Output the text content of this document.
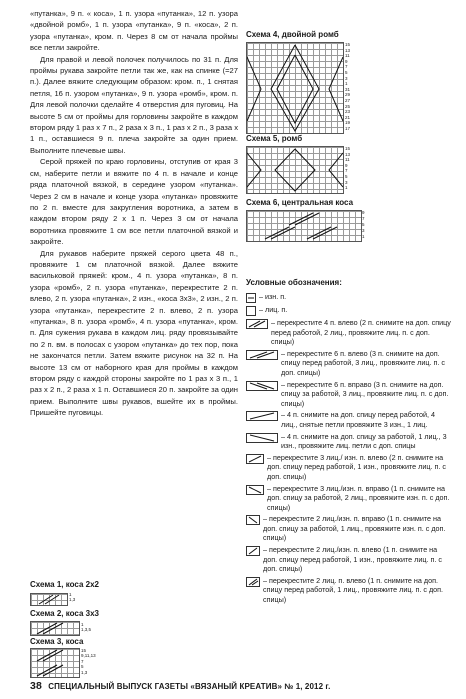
«путанка», 9 п. « коса», 1 п. узора «путанка», 12 п. узора «двойной ромб», 1 п. узора «путанка», 9 п. «коса», 2 п. узора «путанка», кром. п. Через 8 см от начала проймы все петли закройте.

Для правой и левой полочек получилось по 31 п. Для проймы рукава закройте петли так же, как на спинке (=27 п.). Далее вяжите следующим образом: кром. п., 1 снятая петля, 16 п. узором «путанка», 9 п. узора «ромб», кром. п. Для левой полочки сделайте 4 отверстия для пуговиц. На высоте 5 см от проймы для горловины закройте в каждом втором ряду 1 раз х 7 п., 2 раза х 3 п., 1 раз х 2 п., 3 раза х 1 п., оставшиеся 9 п. плеча закройте за один прием. Выполните плечевые швы.

Серой пряжей по краю горловины, отступив от края 3 см, наберите петли и вяжите по 4 п. в начале и конце ряда платочной вязкой, в середине узором «путанка». Через 2 см в начале и конце узора «путанка» провяжите по 2 п. вместе для закругления воротника, а затем в каждом втором ряду 2 х 1 п. Через 3 см от начала воротника провяжите 1 см все петли платочной вязкой и закройте.

Для рукавов наберите пряжей серого цвета 48 п., провяжите 1 см платочной вязкой. Далее вяжите васильковой пряжей: кром., 4 п. узора «путанка», 8 п. узора «ромб», 2 п. узора «путанка», перекрестите 2 п. влево, 2 п. узора «путанка», 2 изн., «коса 3х3», 2 изн., 2 п. узора «путанка», перекрестите 2 п. влево, 2 п. узора «путанка», 8 п. узора «ромб», 4 п. узора «путанка», кром. п. Для сужения рукава в каждом лиц. ряду провязывайте по 2 п. вм. в полосах с узором «путанка» до тех пор, пока не закончатся петли. Затем вяжите рисунок на 32 п. На высоте 13 см от наборного края для проймы в каждом втором ряду с каждой стороны закройте по 1 раз х 3 п., 1 раз х 2 п., 2 раза х 1 п. Оставшиеся 20 п. закройте за один прием. Выполните швы рукавов, вшейте их в проймы. Пришейте пуговицы.

Схема 1, коса 2х2

1
1,3

Схема 2, коса 3х3

1
1,3,5

Схема 3, коса

15
9,11,13
7
5
1,3

Схема 4, двойной ромб

15
13
11
9
7
5
3
1
31
29
27
25
23
21
19
17

Схема 5, ромб

15
13
11
9
7
5
3
1

Схема 6, центральная коса

9
7
5
3
1
Условные обозначения:
– изн. п.
– лиц. п.
– перекрестите 4 п. влево (2 п. снимите на доп. спицу перед работой, 2 лиц., провяжите лиц. п. с доп. спицы)
– перекрестите 6 п. влево (3 п. снимите на доп. спицу перед работой, 3 лиц., провяжите лиц. п. с доп. спицы)
– перекрестите 6 п. вправо (3 п. снимите на доп. спицу за работой, 3 лиц., провяжите лиц. п. с доп. спицы)
– 4 п. снимите на доп. спицу перед работой, 4 лиц., снятые петли провяжите 3 изн., 1 лиц.
– 4 п. снимите на доп. спицу за работой, 1 лиц., 3 изн., провяжите лиц. петли с доп. спицы
– перекрестите 3 лиц./ изн. п. влево (2 п. снимите на доп. спицу перед работой, 1 изн., провяжите лиц. п. с доп. спицы)
– перекрестите 3 лиц./изн. п. вправо (1 п. снимите на доп. спицу за работой, 2 лиц., провяжите изн. п. с доп. спицы)
– перекрестите 2 лиц./изн. п. вправо (1 п. снимите на доп. спицу за работой, 1 лиц., провяжите изн. п. с доп. спицы)
– перекрестите 2 лиц./изн. п. влево (1 п. снимите на доп. спицу перед работой, 1 изн., провяжите лиц. п. с доп. спицы)
– перекрестите 2 лиц. п. влево (1 п. снимите на доп. спицу перед работой, 1 лиц., провяжите лиц. п. с доп. спицы)
38 СПЕЦИАЛЬНЫЙ ВЫПУСК ГАЗЕТЫ «ВЯЗАНЫЙ КРЕАТИВ» № 1, 2012 г.
